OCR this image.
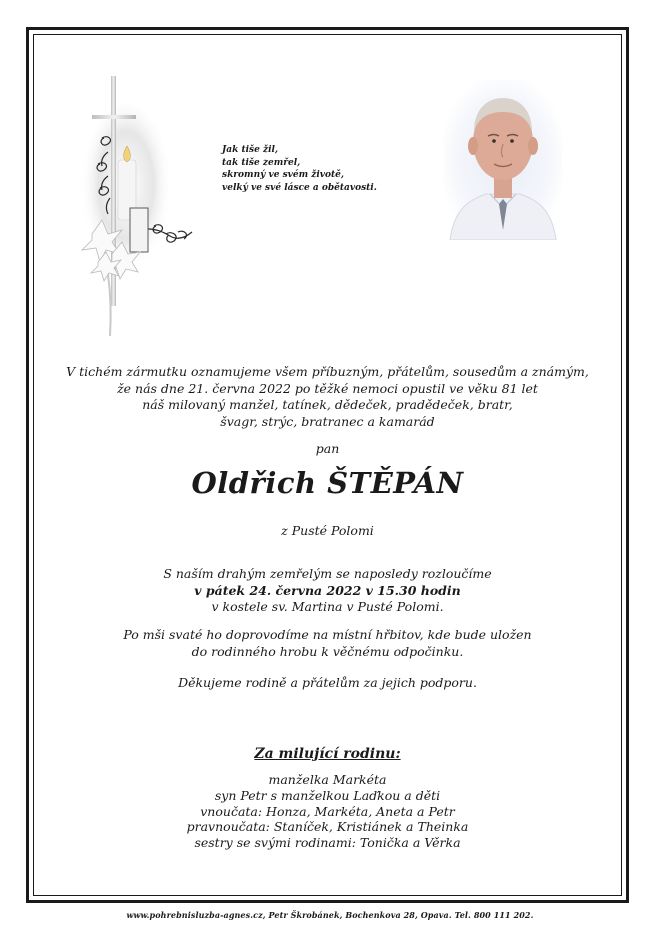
Jak tiše žil,
tak tiše zemřel,
skromný ve svém životě,
velký ve své lásce a obětavosti.
V tichém zármutku oznamujeme všem příbuzným, přátelům, sousedům a známým,
že nás dne 21. června 2022 po těžké nemoci opustil ve věku 81 let
náš milovaný manžel, tatínek, dědeček, pradědeček, bratr,
švagr, strýc, bratranec a kamarád
pan
Oldřich ŠTĚPÁN
z Pusté Polomi
S naším drahým zemřelým se naposledy rozloučíme
v pátek 24. června 2022 v 15.30 hodin
v kostele sv. Martina v Pusté Polomi.
Po mši svaté ho doprovodíme na místní hřbitov, kde bude uložen
do rodinného hrobu k věčnému odpočinku.
Děkujeme rodině a přátelům za jejich podporu.
Za milující rodinu:
manželka Markéta
syn Petr s manželkou Laďkou a děti
vnoučata: Honza, Markéta, Aneta a Petr
pravnoučata: Staníček, Kristiánek a Theinka
sestry se svými rodinami: Tonička a Věrka
www.pohrebnisluzba-agnes.cz, Petr Škrobánek, Bochenkova 28, Opava. Tel. 800 111 202.
